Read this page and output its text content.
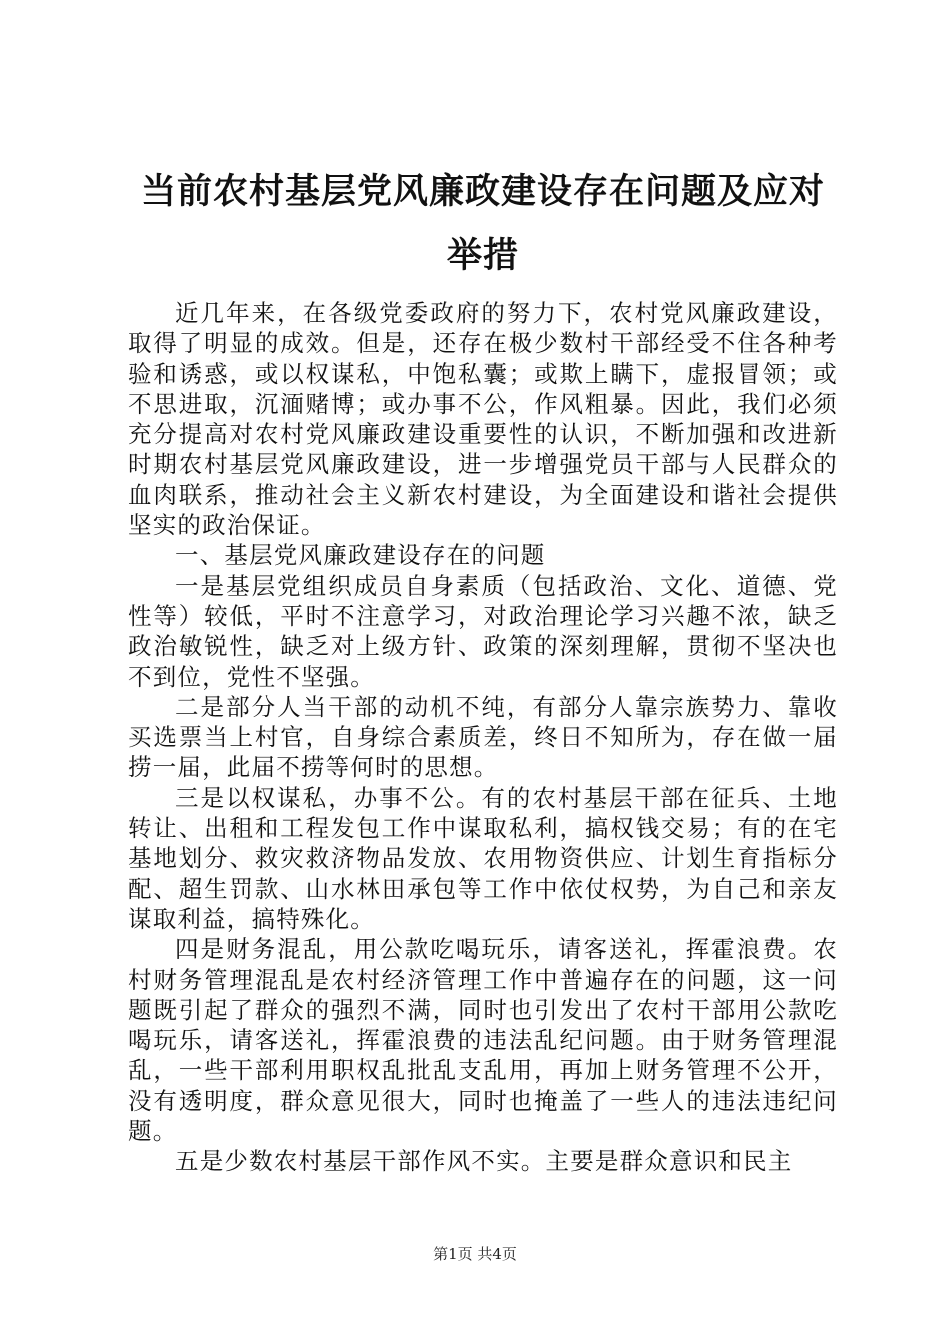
当前农村基层党风廉政建设存在问题及应对举措

近几年来，在各级党委政府的努力下，农村党风廉政建设，取得了明显的成效。但是，还存在极少数村干部经受不住各种考验和诱惑，或以权谋私，中饱私囊；或欺上瞒下，虚报冒领；或不思进取，沉湎赌博；或办事不公，作风粗暴。因此，我们必须充分提高对农村党风廉政建设重要性的认识，不断加强和改进新时期农村基层党风廉政建设，进一步增强党员干部与人民群众的血肉联系，推动社会主义新农村建设，为全面建设和谐社会提供坚实的政治保证。

一、基层党风廉政建设存在的问题

一是基层党组织成员自身素质（包括政治、文化、道德、党性等）较低，平时不注意学习，对政治理论学习兴趣不浓，缺乏政治敏锐性，缺乏对上级方针、政策的深刻理解，贯彻不坚决也不到位，党性不坚强。

二是部分人当干部的动机不纯，有部分人靠宗族势力、靠收买选票当上村官，自身综合素质差，终日不知所为，存在做一届捞一届，此届不捞等何时的思想。

三是以权谋私，办事不公。有的农村基层干部在征兵、土地转让、出租和工程发包工作中谋取私利，搞权钱交易；有的在宅基地划分、救灾救济物品发放、农用物资供应、计划生育指标分配、超生罚款、山水林田承包等工作中依仗权势，为自己和亲友谋取利益，搞特殊化。

四是财务混乱，用公款吃喝玩乐，请客送礼，挥霍浪费。农村财务管理混乱是农村经济管理工作中普遍存在的问题，这一问题既引起了群众的强烈不满，同时也引发出了农村干部用公款吃喝玩乐，请客送礼，挥霍浪费的违法乱纪问题。由于财务管理混乱，一些干部利用职权乱批乱支乱用，再加上财务管理不公开，没有透明度，群众意见很大，同时也掩盖了一些人的违法违纪问题。

五是少数农村基层干部作风不实。主要是群众意识和民主

第1页 共4页
